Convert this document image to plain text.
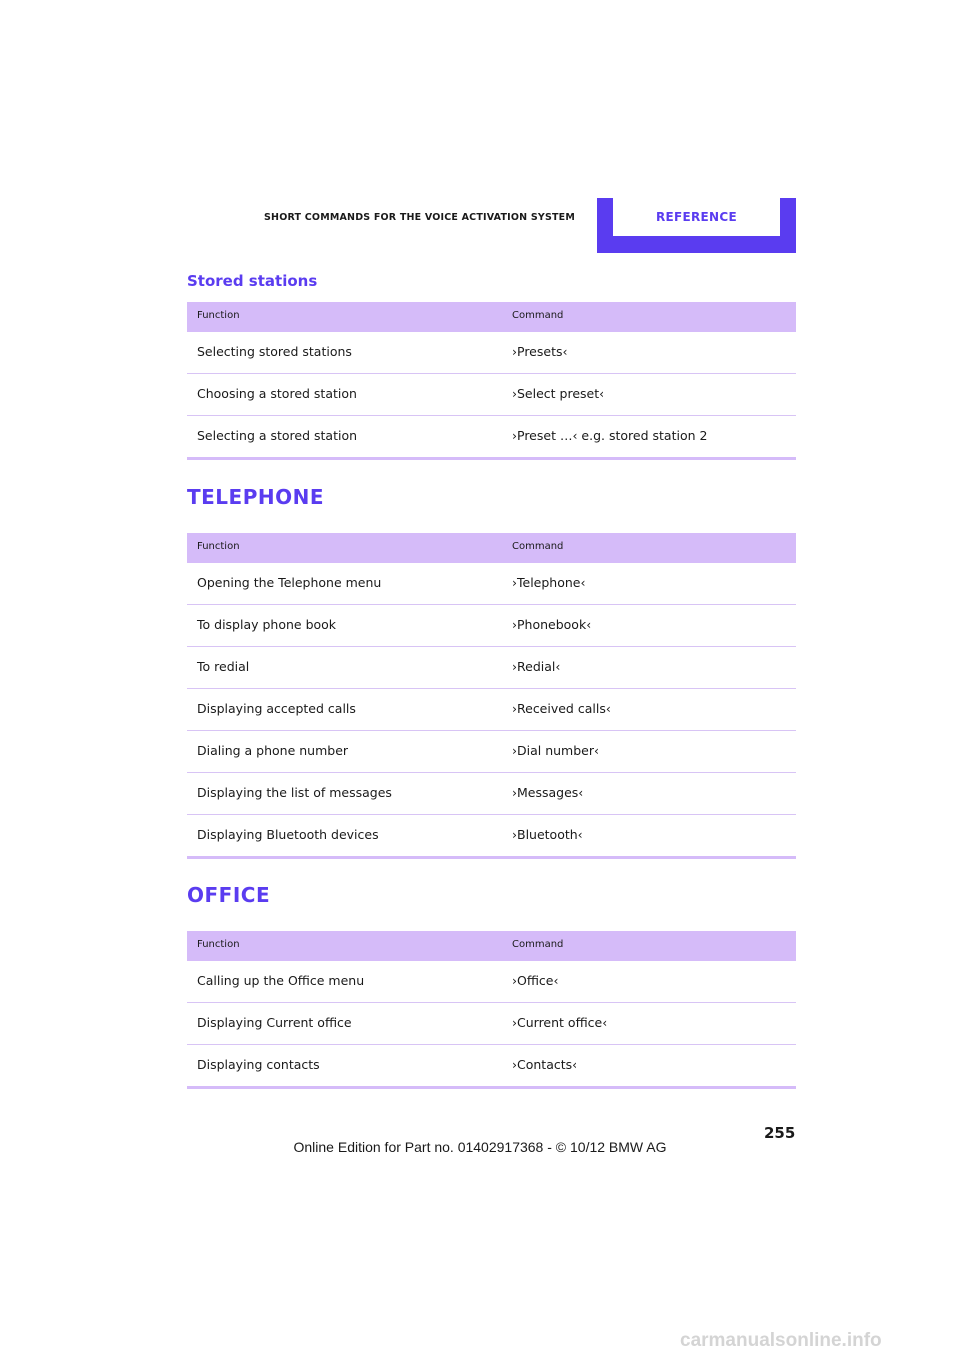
SHORT COMMANDS FOR THE VOICE ACTIVATION SYSTEM	REFERENCE
Stored stations
Function	Command
Selecting stored stations	›Presets‹
Choosing a stored station	›Select preset‹
Selecting a stored station	›Preset …‹ e.g. stored station 2
TELEPHONE
Function	Command
Opening the Telephone menu	›Telephone‹
To display phone book	›Phonebook‹
To redial	›Redial‹
Displaying accepted calls	›Received calls‹
Dialing a phone number	›Dial number‹
Displaying the list of messages	›Messages‹
Displaying Bluetooth devices	›Bluetooth‹
OFFICE
Function	Command
Calling up the Office menu	›Office‹
Displaying Current office	›Current office‹
Displaying contacts	›Contacts‹
255
Online Edition for Part no. 01402917368 - © 10/12 BMW AG
carmanualsonline.info
